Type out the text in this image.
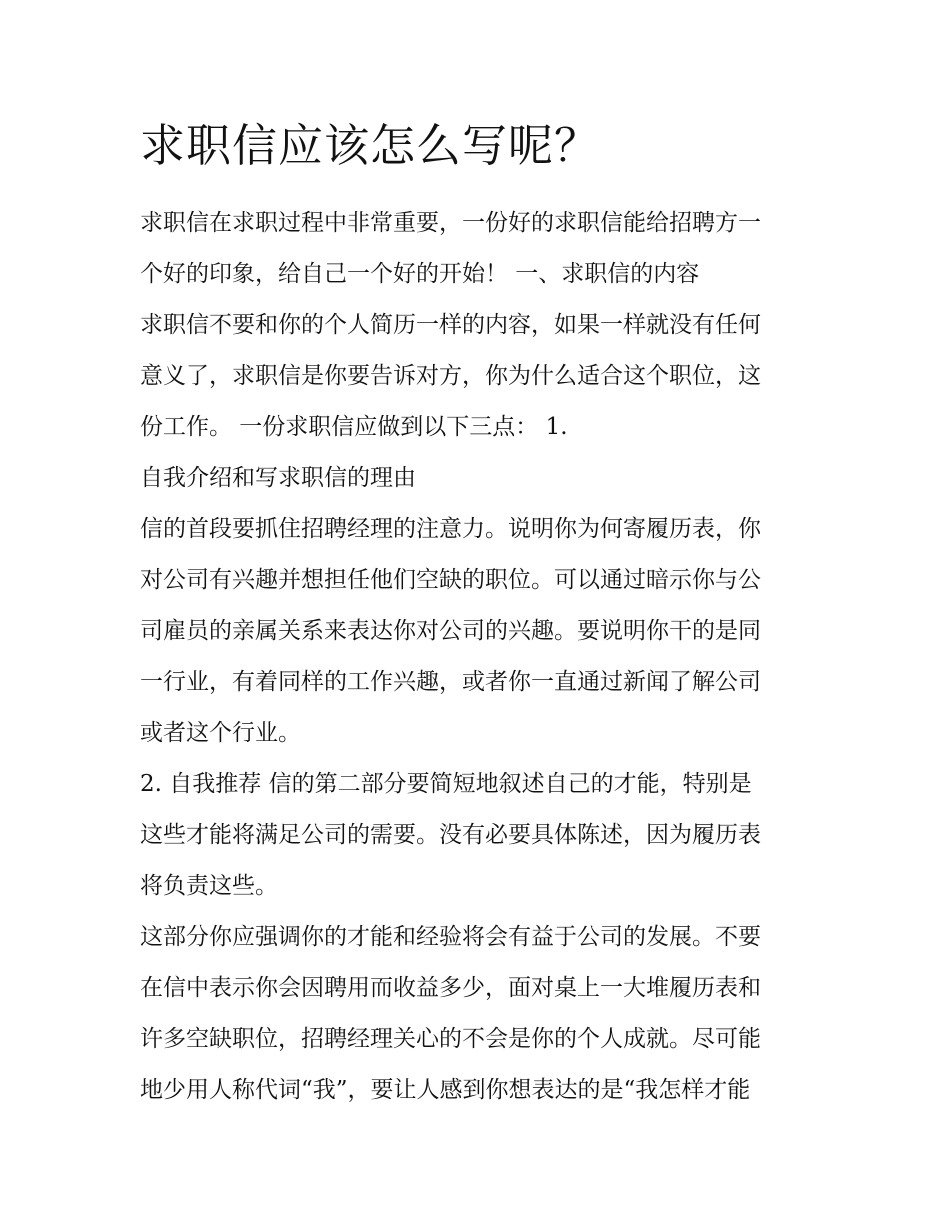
求职信应该怎么写呢？

求职信在求职过程中非常重要，一份好的求职信能给招聘方一

个好的印象，给自己一个好的开始！ 一、求职信的内容

求职信不要和你的个人简历一样的内容，如果一样就没有任何

意义了，求职信是你要告诉对方，你为什么适合这个职位，这

份工作。 一份求职信应做到以下三点： 1.

自我介绍和写求职信的理由

信的首段要抓住招聘经理的注意力。说明你为何寄履历表，你

对公司有兴趣并想担任他们空缺的职位。可以通过暗示你与公

司雇员的亲属关系来表达你对公司的兴趣。要说明你干的是同

一行业，有着同样的工作兴趣，或者你一直通过新闻了解公司

或者这个行业。

2. 自我推荐 信的第二部分要简短地叙述自己的才能，特别是

这些才能将满足公司的需要。没有必要具体陈述，因为履历表

将负责这些。

这部分你应强调你的才能和经验将会有益于公司的发展。不要

在信中表示你会因聘用而收益多少，面对桌上一大堆履历表和

许多空缺职位，招聘经理关心的不会是你的个人成就。尽可能

地少用人称代词“我”，要让人感到你想表达的是“我怎样才能
